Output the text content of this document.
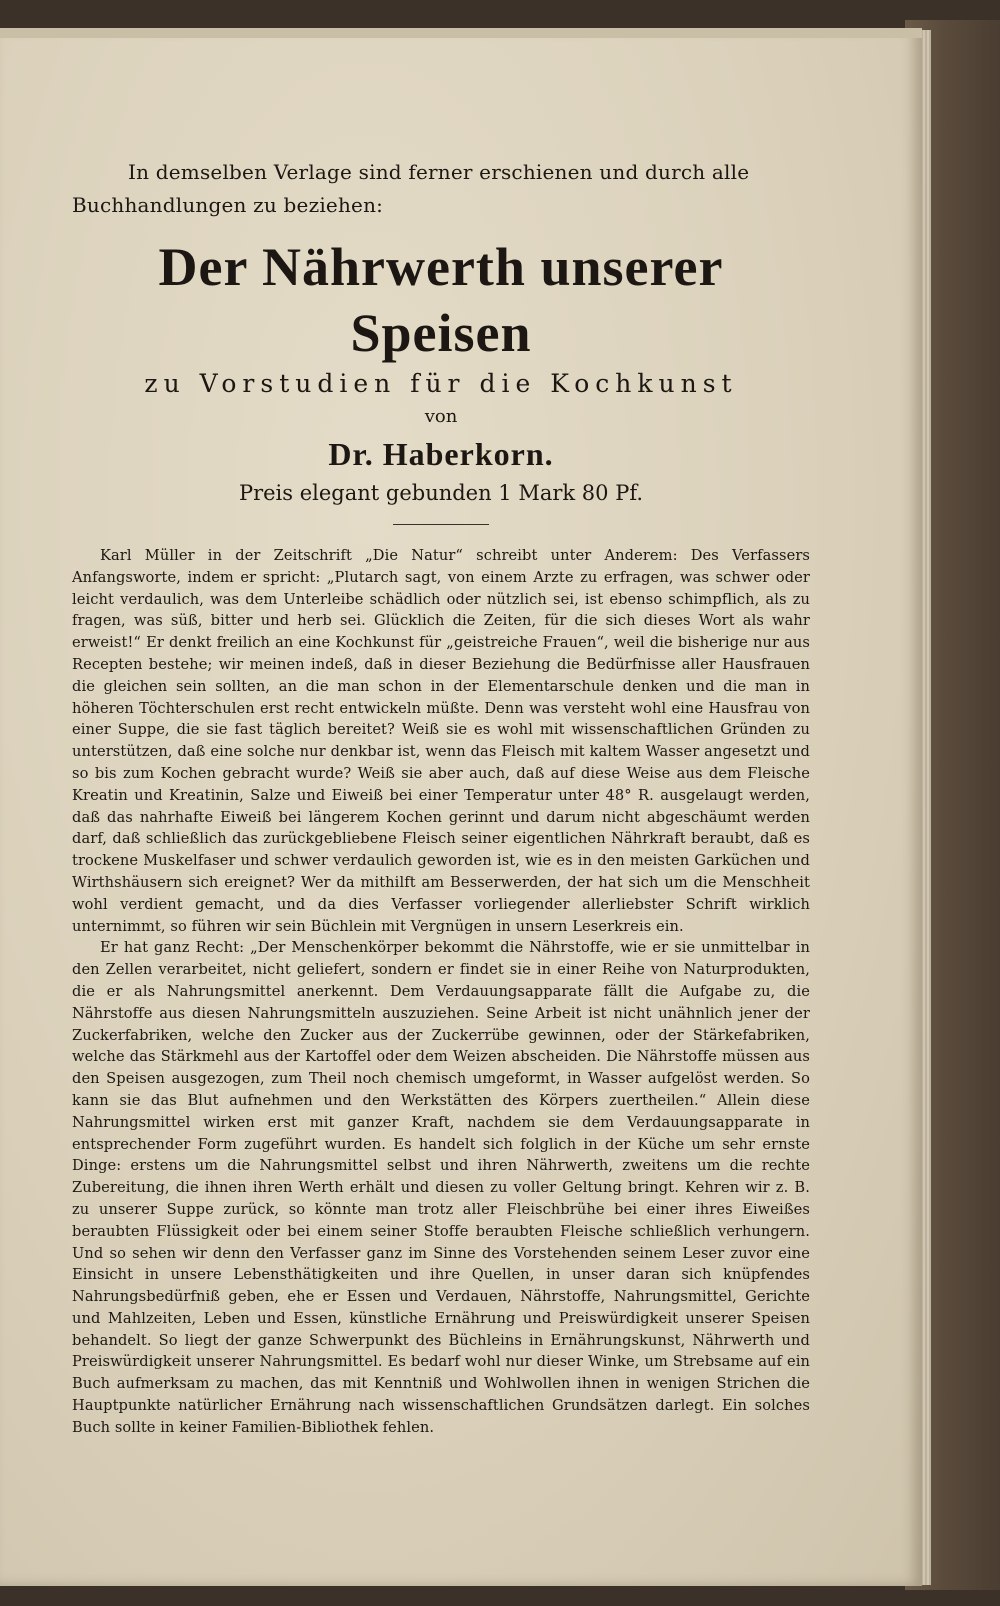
In demselben Verlage sind ferner erschienen und durch alle Buchhandlungen zu beziehen:

Der Nährwerth unserer Speisen

zu Vorstudien für die Kochkunst

von

Dr. Haberkorn.

Preis elegant gebunden 1 Mark 80 Pf.

Karl Müller in der Zeitschrift „Die Natur“ schreibt unter Anderem: Des Verfassers Anfangsworte, indem er spricht: „Plutarch sagt, von einem Arzte zu erfragen, was schwer oder leicht verdaulich, was dem Unterleibe schädlich oder nützlich sei, ist ebenso schimpflich, als zu fragen, was süß, bitter und herb sei. Glücklich die Zeiten, für die sich dieses Wort als wahr erweist!“ Er denkt freilich an eine Kochkunst für „geistreiche Frauen“, weil die bisherige nur aus Recepten bestehe; wir meinen indeß, daß in dieser Beziehung die Bedürfnisse aller Hausfrauen die gleichen sein sollten, an die man schon in der Elementarschule denken und die man in höheren Töchterschulen erst recht entwickeln müßte. Denn was versteht wohl eine Hausfrau von einer Suppe, die sie fast täglich bereitet? Weiß sie es wohl mit wissenschaftlichen Gründen zu unterstützen, daß eine solche nur denkbar ist, wenn das Fleisch mit kaltem Wasser angesetzt und so bis zum Kochen gebracht wurde? Weiß sie aber auch, daß auf diese Weise aus dem Fleische Kreatin und Kreatinin, Salze und Eiweiß bei einer Temperatur unter 48° R. ausgelaugt werden, daß das nahrhafte Eiweiß bei längerem Kochen gerinnt und darum nicht abgeschäumt werden darf, daß schließlich das zurückgebliebene Fleisch seiner eigentlichen Nährkraft beraubt, daß es trockene Muskelfaser und schwer verdaulich geworden ist, wie es in den meisten Garküchen und Wirthshäusern sich ereignet? Wer da mithilft am Besserwerden, der hat sich um die Menschheit wohl verdient gemacht, und da dies Verfasser vorliegender allerliebster Schrift wirklich unternimmt, so führen wir sein Büchlein mit Vergnügen in unsern Leserkreis ein.

Er hat ganz Recht: „Der Menschenkörper bekommt die Nährstoffe, wie er sie unmittelbar in den Zellen verarbeitet, nicht geliefert, sondern er findet sie in einer Reihe von Naturprodukten, die er als Nahrungsmittel anerkennt. Dem Verdauungsapparate fällt die Aufgabe zu, die Nährstoffe aus diesen Nahrungsmitteln auszuziehen. Seine Arbeit ist nicht unähnlich jener der Zuckerfabriken, welche den Zucker aus der Zuckerrübe gewinnen, oder der Stärkefabriken, welche das Stärkmehl aus der Kartoffel oder dem Weizen abscheiden. Die Nährstoffe müssen aus den Speisen ausgezogen, zum Theil noch chemisch umgeformt, in Wasser aufgelöst werden. So kann sie das Blut aufnehmen und den Werkstätten des Körpers zuertheilen.“ Allein diese Nahrungsmittel wirken erst mit ganzer Kraft, nachdem sie dem Verdauungsapparate in entsprechender Form zugeführt wurden. Es handelt sich folglich in der Küche um sehr ernste Dinge: erstens um die Nahrungsmittel selbst und ihren Nährwerth, zweitens um die rechte Zubereitung, die ihnen ihren Werth erhält und diesen zu voller Geltung bringt. Kehren wir z. B. zu unserer Suppe zurück, so könnte man trotz aller Fleischbrühe bei einer ihres Eiweißes beraubten Flüssigkeit oder bei einem seiner Stoffe beraubten Fleische schließlich verhungern. Und so sehen wir denn den Verfasser ganz im Sinne des Vorstehenden seinem Leser zuvor eine Einsicht in unsere Lebensthätigkeiten und ihre Quellen, in unser daran sich knüpfendes Nahrungsbedürfniß geben, ehe er Essen und Verdauen, Nährstoffe, Nahrungsmittel, Gerichte und Mahlzeiten, Leben und Essen, künstliche Ernährung und Preiswürdigkeit unserer Speisen behandelt. So liegt der ganze Schwerpunkt des Büchleins in Ernährungskunst, Nährwerth und Preiswürdigkeit unserer Nahrungsmittel. Es bedarf wohl nur dieser Winke, um Strebsame auf ein Buch aufmerksam zu machen, das mit Kenntniß und Wohlwollen ihnen in wenigen Strichen die Hauptpunkte natürlicher Ernährung nach wissenschaftlichen Grundsätzen darlegt. Ein solches Buch sollte in keiner Familien-Bibliothek fehlen.
